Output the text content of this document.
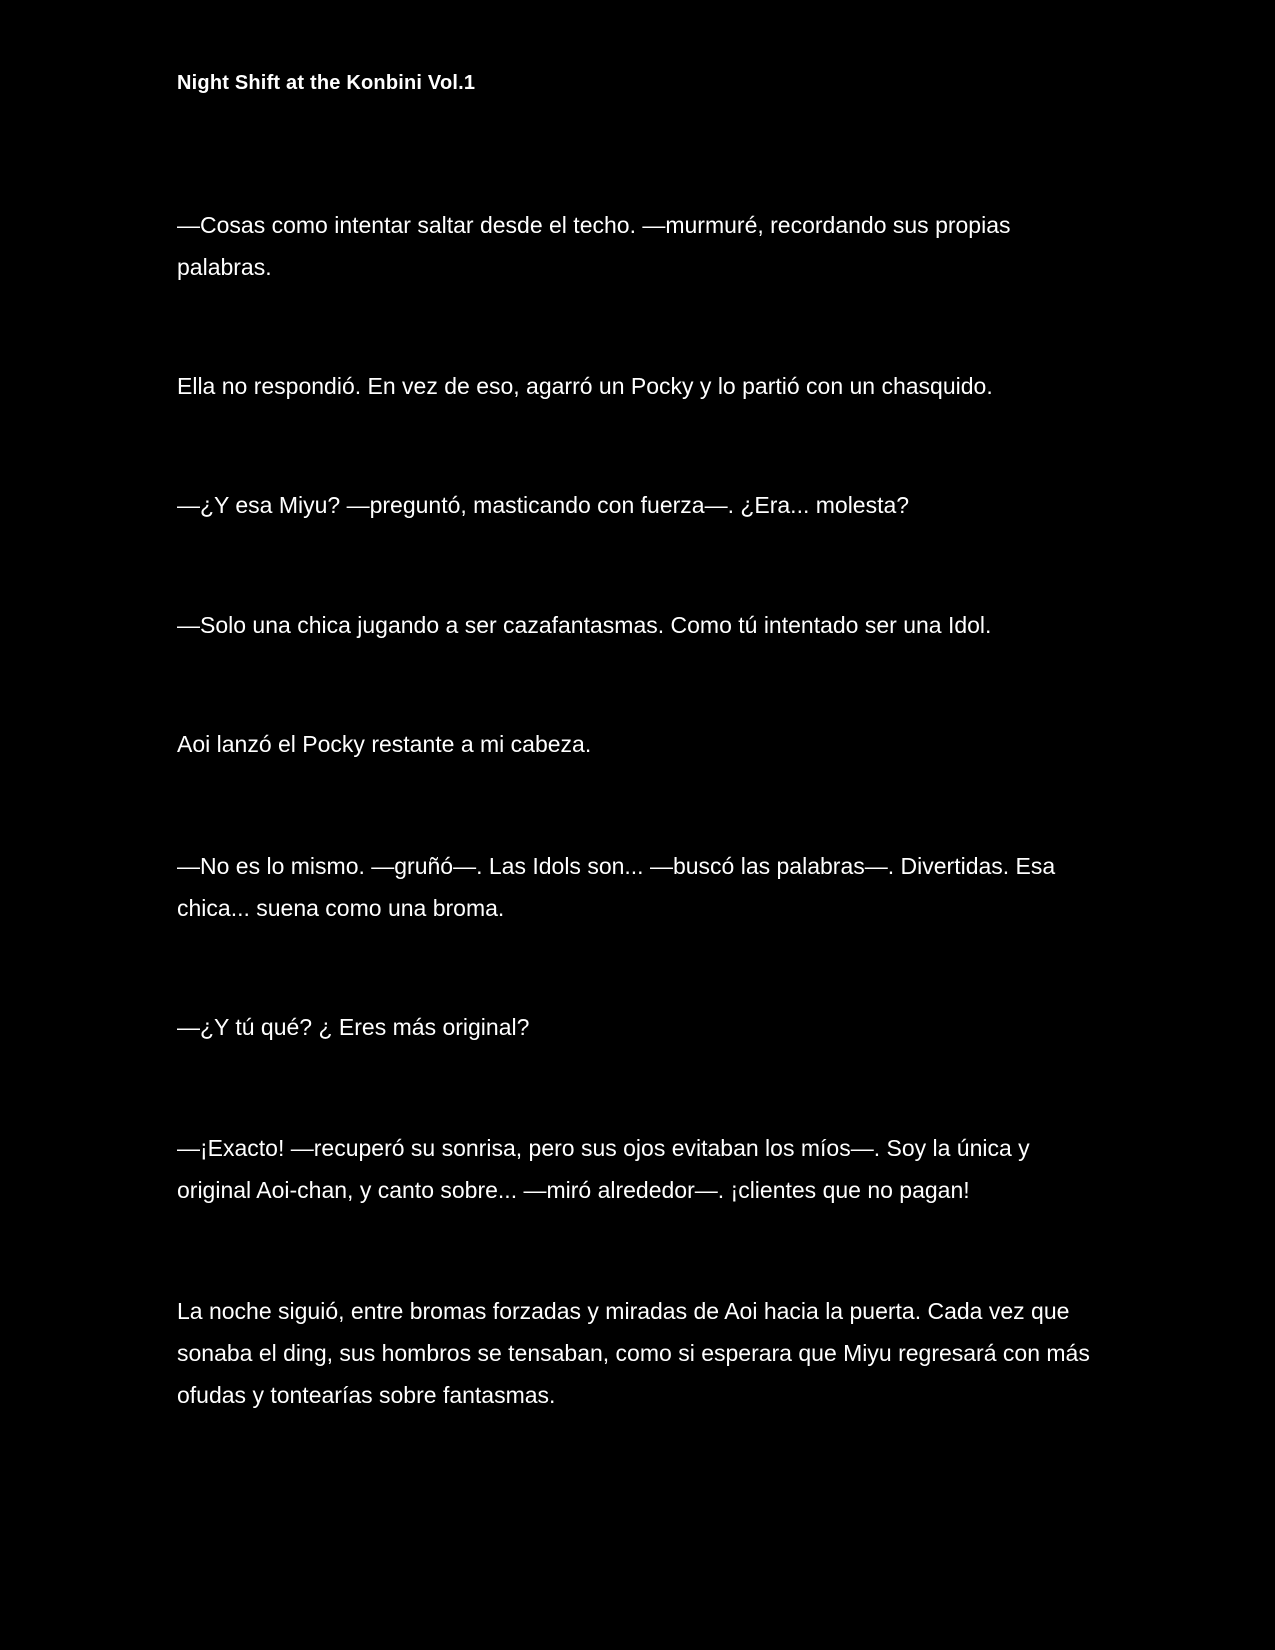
Night Shift at the Konbini Vol.1

—Cosas como intentar saltar desde el techo. —murmuré, recordando sus propias palabras.

Ella no respondió. En vez de eso, agarró un Pocky y lo partió con un chasquido.

—¿Y esa Miyu? —preguntó, masticando con fuerza—. ¿Era... molesta?

—Solo una chica jugando a ser cazafantasmas. Como tú intentado ser una Idol.

Aoi lanzó el Pocky restante a mi cabeza.

—No es lo mismo. —gruñó—. Las Idols son... —buscó las palabras—. Divertidas. Esa chica... suena como una broma.

—¿Y tú qué? ¿ Eres más original?

—¡Exacto! —recuperó su sonrisa, pero sus ojos evitaban los míos—. Soy la única y original Aoi-chan, y canto sobre... —miró alrededor—. ¡clientes que no pagan!

La noche siguió, entre bromas forzadas y miradas de Aoi hacia la puerta. Cada vez que sonaba el ding, sus hombros se tensaban, como si esperara que Miyu regresará con más ofudas y tontearías sobre fantasmas.
